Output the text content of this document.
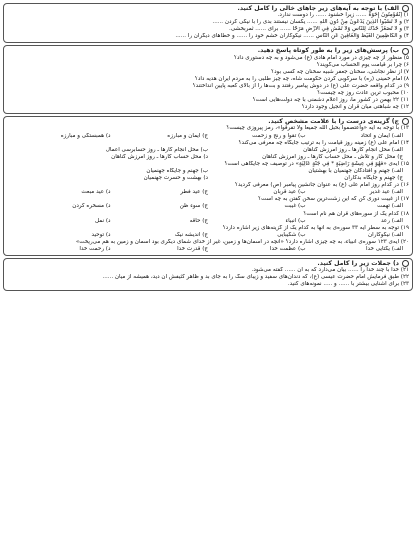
الف) با توجه به آیه‌های زیر جاهای خالی را کامل کنید.
۱) إنَّمُؤْمِنُونَ إِخْوَةٌ ...... زیرا خشنود ...... را دوست ندارد.
۲) و لا تَسُبُّوا الَّذِينَ يَدْعُونَ مِنْ دُونِ اللهِ ...... یکسان نیستند بدی را با نیکی کردن ......
۳) و لا تُصَعِّرْ خَدَّكَ لِلنَّاسِ وَلَا تَمْشِ فِي الْأَرْضِ مَرَحًا ...... برای ...... ثمربخشی.
۴) و الْكَاظِمِينَ الْغَيْظَ وَالْعَافِينَ عَنِ النَّاسِ ...... نیکوکاران خشم خود را ...... و خطاهای دیگران را ......
ب) پرسش‌های زیر را به طور کوتاه پاسخ دهید.
۵) منظور از چه چیزی در مورد امام هادی (ع) می‌شود و به چه دستوری داد؟
۶) چرا بر قیامت یوم الحساب می‌گویند؟
۷) از نظر نجاشی، سخنان جعفر شبیه سخنان چه کسی بود؟
۸) امام خمینی (ره) با سرکوبی کردن حکومت شاه، چه چیز طلبی را به مردم ایران هدیه داد؟
۹) در کدام واقعه حضرت علی (ع) در دوش پیامبر رفتند و بت‌ها را از بالای کعبه پایین انداختند؟
۱۰) محبوب ترین عادت روز چه چیست؟
۱۱) ۲۲ بهمن در کشور ما، روز اعلام دشمنی با چه دولت‌هایی است؟
۱۲) چه شباهتی میان قرآن و انجیل وجود دارد؟
ج) گزینه‌ی درست را با علامت مشخص کنید.
۱۳) با توجه به آیه «واعتصموا بحبل الله جميعا ولا تفرقوا»، رمز پیروزی چیست؟
الف) ایمان و اتحاد
ب) تقوا و رنج و زحمت
ج) ایمان و مبارزه
د) همبستگی و مبارزه
۱۴) امام علی (ع) زمینه روز قیامت را به ترتیب جایگاه چه معرفی می‌کند؟
الف) محل انجام کارها ـ روز آمرزش گناهان
ب) محل انجام کارها ـ روز حسابرسی اعمال
ج) محل کار و تلاش ـ محل حساب کارها ـ روز آمرزش گناهان
د) محل حساب کارها ـ روز آمرزش گناهان
۱۵) آیه‌ی «فَهُوَ فِي عِيشَةٍ رَاضِيَةٍ * فِي جَنَّةٍ عَالِيَةٍ» در توصیف چه جایگاهی است؟
الف) جهنم و افتادگان جهنمیان با بهشتیان
ب) جهنم و جایگاه جهنمیان
ج) جهنم و جایگاه بدکاران
د) بهشت و حسرت جهنمیان
۱۶) در کدام روز امام علی (ع) به عنوان جانشین پیامبر (ص) معرفی گردید؟
الف) عید غدیر
ب) عید قربان
ج) عید فطر
د) عید مبعث
۱۷) از غیبت دوری کن که این زشت‌ترین سخن گفتن به چه است؟
الف) تهمت
ب) غیبت
ج) سوء ظن
د) مسخره کردن
۱۸) کدام یک از سوره‌های قرآن هم نام است؟
الف) رعد
ب) انبیاء
ج) حاقه
د) نمل
۱۹) توجه به سطر آیه ۳۳ سوره‌ی به آنها به کدام یک از گزینه‌های زیر اشاره دارد؟
الف) نیکوکاران
ب) شکیبایی
ج) اندیشه نیک
د) توحید
۲۰) آیه‌ی ۱۲۳ سوره‌ی انبیاء، به چه چیزی اشاره دارد؟ «آنچه در آسمان‌ها و زمین، غیر از خدای شمای دیگری بود آسمان و زمین به هم می‌ریخت»
الف) یکتایی خدا
ب) عظمت خدا
ج) قدرت خدا
د) رحمت خدا
د) جملات زیر را کامل کنید.
۲۱) خدا با چند خدا را ...... بیان می‌دارد که به آن ...... گفته می‌شود.
۲۲) طبق فرمایش امام حضرت عیسی (ع)، که دندان‌های سفید و زیبای سگ را به جای بد و ظاهر کثیفش آن دید، همیشه از میان ......
۲۳) برای آشنایی بیشتر با ...... و ..... نمونه‌های کنید.
